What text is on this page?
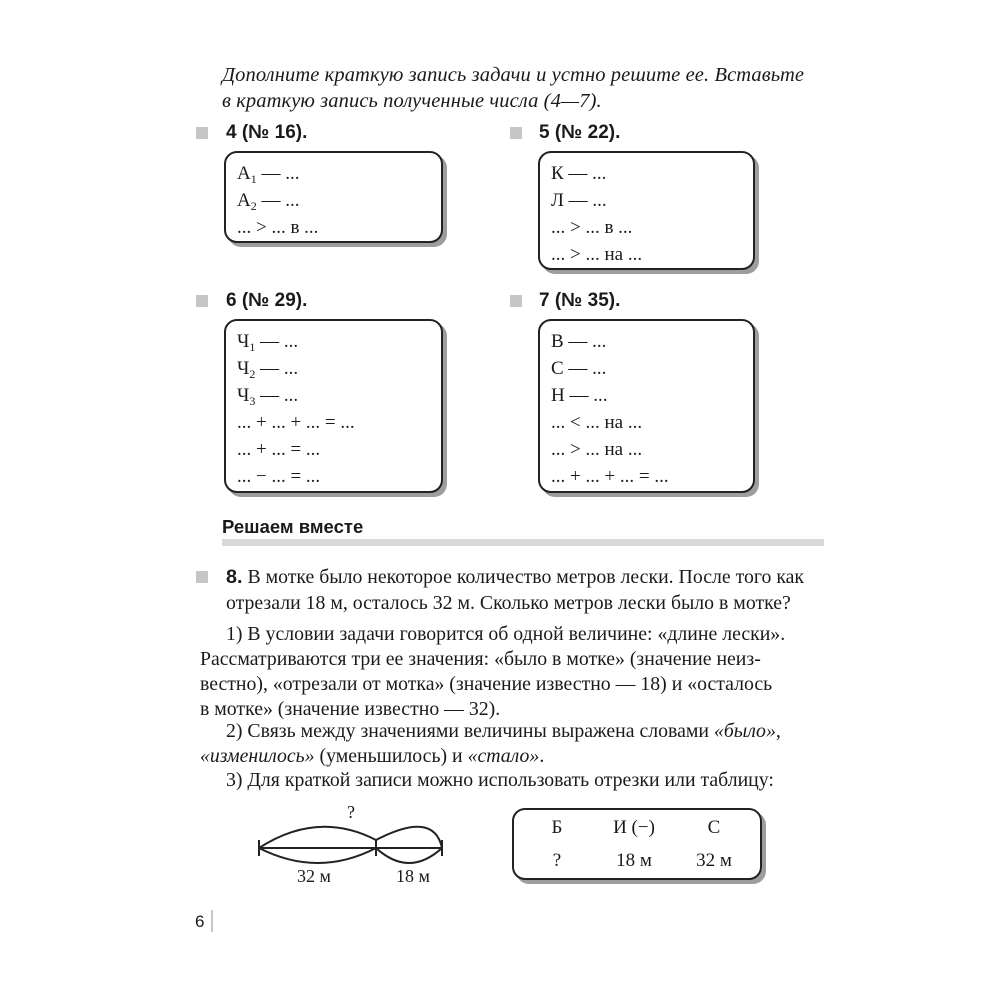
Дополните краткую запись задачи и устно решите ее. Вставьте
в краткую запись полученные числа (4—7).
4 (№ 16).
$А_1$ — ...
$А_2$ — ...
... > ... в ...
5 (№ 22).
К — ...
Л — ...
... > ... в ...
... > ... на ...
6 (№ 29).
$Ч_1$ — ...
$Ч_2$ — ...
$Ч_3$ — ...
... + ... + ... = ...
... + ... = ...
... − ... = ...
7 (№ 35).
В — ...
С — ...
Н — ...
... < ... на ...
... > ... на ...
... + ... + ... = ...
Решаем вместе
8. В мотке было некоторое количество метров лески. После того как
отрезали 18 м, осталось 32 м. Сколько метров лески было в мотке?
1) В условии задачи говорится об одной величине: «длине лески».
Рассматриваются три ее значения: «было в мотке» (значение неиз-
вестно), «отрезали от мотка» (значение известно — 18) и «осталось
в мотке» (значение известно — 32).
2) Связь между значениями величины выражена словами «было»,
«изменилось» (уменьшилось) и «стало».
3) Для краткой записи можно использовать отрезки или таблицу:
?
32 м	18 м
Б	И (−)	С
?	18 м 32 м
6
